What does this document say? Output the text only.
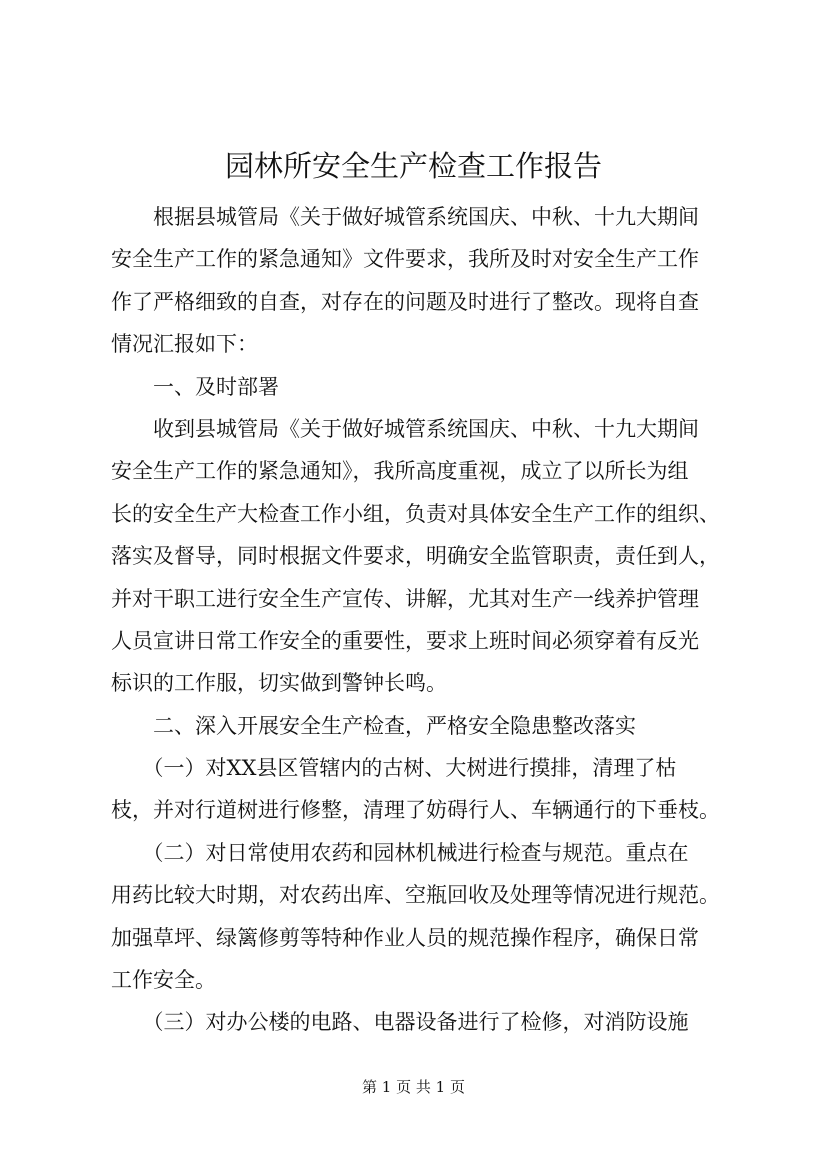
园林所安全生产检查工作报告
　　根据县城管局《关于做好城管系统国庆、中秋、十九大期间
安全生产工作的紧急通知》文件要求，我所及时对安全生产工作
作了严格细致的自查，对存在的问题及时进行了整改。现将自查
情况汇报如下：
　　一、及时部署
　　收到县城管局《关于做好城管系统国庆、中秋、十九大期间
安全生产工作的紧急通知》，我所高度重视，成立了以所长为组
长的安全生产大检查工作小组，负责对具体安全生产工作的组织、
落实及督导，同时根据文件要求，明确安全监管职责，责任到人，
并对干职工进行安全生产宣传、讲解，尤其对生产一线养护管理
人员宣讲日常工作安全的重要性，要求上班时间必须穿着有反光
标识的工作服，切实做到警钟长鸣。
　　二、深入开展安全生产检查，严格安全隐患整改落实
　　（一）对XX县区管辖内的古树、大树进行摸排，清理了枯
枝，并对行道树进行修整，清理了妨碍行人、车辆通行的下垂枝。
　　（二）对日常使用农药和园林机械进行检查与规范。重点在
用药比较大时期，对农药出库、空瓶回收及处理等情况进行规范。
加强草坪、绿篱修剪等特种作业人员的规范操作程序，确保日常
工作安全。
　　（三）对办公楼的电路、电器设备进行了检修，对消防设施
第 1 页 共 1 页
